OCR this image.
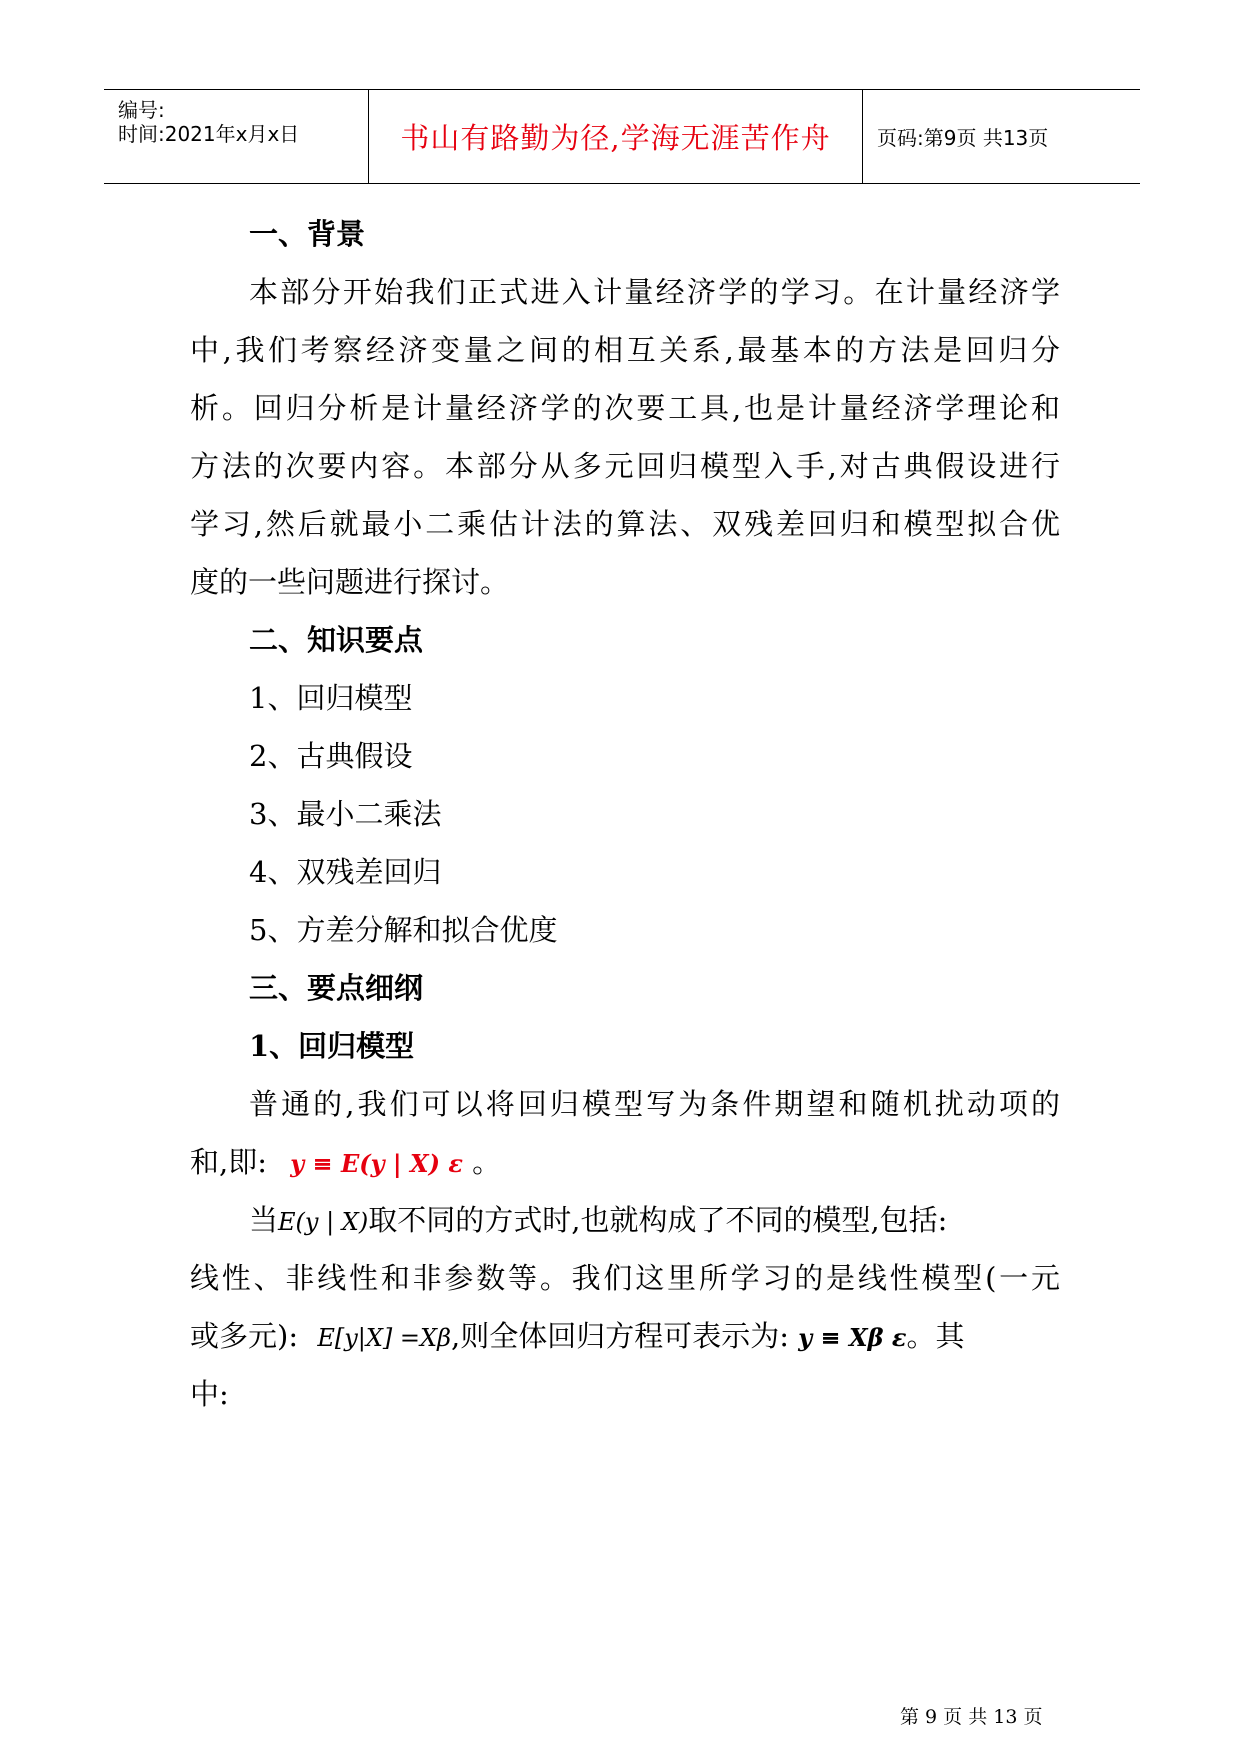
编号:
时间:2021年x月x日	书山有路勤为径,学海无涯苦作舟	页码:第9页 共13页
一、背景
本部分开始我们正式进入计量经济学的学习。在计量经济学
中,我们考察经济变量之间的相互关系,最基本的方法是回归分
析。回归分析是计量经济学的次要工具,也是计量经济学理论和
方法的次要内容。本部分从多元回归模型入手,对古典假设进行
学习,然后就最小二乘估计法的算法、双残差回归和模型拟合优
度的一些问题进行探讨。
二、知识要点
1、回归模型
2、古典假设
3、最小二乘法
4、双残差回归
5、方差分解和拟合优度
三、要点细纲
1、回归模型
普通的,我们可以将回归模型写为条件期望和随机扰动项的
和,即: y ≡ E(y | X) ε 。
当E(y | X)取不同的方式时,也就构成了不同的模型,包括:
线性、非线性和非参数等。我们这里所学习的是线性模型(一元
或多元): E[y|X] =Xβ,则全体回归方程可表示为: y ≡ Xβ ε。其
中:
第 9 页 共 13 页
